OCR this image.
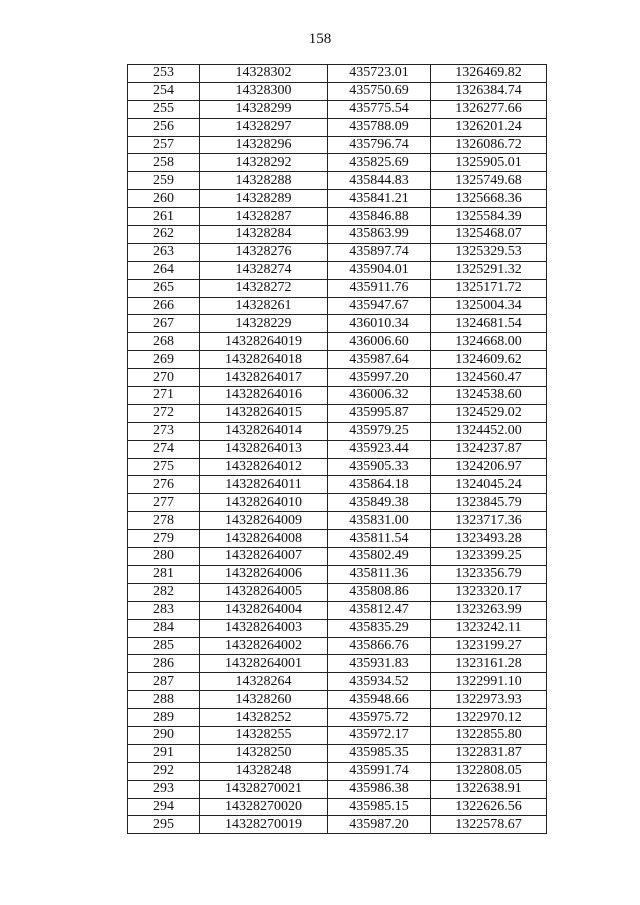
158
253	14328302	435723.01	1326469.82
254	14328300	435750.69	1326384.74
255	14328299	435775.54	1326277.66
256	14328297	435788.09	1326201.24
257	14328296	435796.74	1326086.72
258	14328292	435825.69	1325905.01
259	14328288	435844.83	1325749.68
260	14328289	435841.21	1325668.36
261	14328287	435846.88	1325584.39
262	14328284	435863.99	1325468.07
263	14328276	435897.74	1325329.53
264	14328274	435904.01	1325291.32
265	14328272	435911.76	1325171.72
266	14328261	435947.67	1325004.34
267	14328229	436010.34	1324681.54
268	14328264019	436006.60	1324668.00
269	14328264018	435987.64	1324609.62
270	14328264017	435997.20	1324560.47
271	14328264016	436006.32	1324538.60
272	14328264015	435995.87	1324529.02
273	14328264014	435979.25	1324452.00
274	14328264013	435923.44	1324237.87
275	14328264012	435905.33	1324206.97
276	14328264011	435864.18	1324045.24
277	14328264010	435849.38	1323845.79
278	14328264009	435831.00	1323717.36
279	14328264008	435811.54	1323493.28
280	14328264007	435802.49	1323399.25
281	14328264006	435811.36	1323356.79
282	14328264005	435808.86	1323320.17
283	14328264004	435812.47	1323263.99
284	14328264003	435835.29	1323242.11
285	14328264002	435866.76	1323199.27
286	14328264001	435931.83	1323161.28
287	14328264	435934.52	1322991.10
288	14328260	435948.66	1322973.93
289	14328252	435975.72	1322970.12
290	14328255	435972.17	1322855.80
291	14328250	435985.35	1322831.87
292	14328248	435991.74	1322808.05
293	14328270021	435986.38	1322638.91
294	14328270020	435985.15	1322626.56
295	14328270019	435987.20	1322578.67
